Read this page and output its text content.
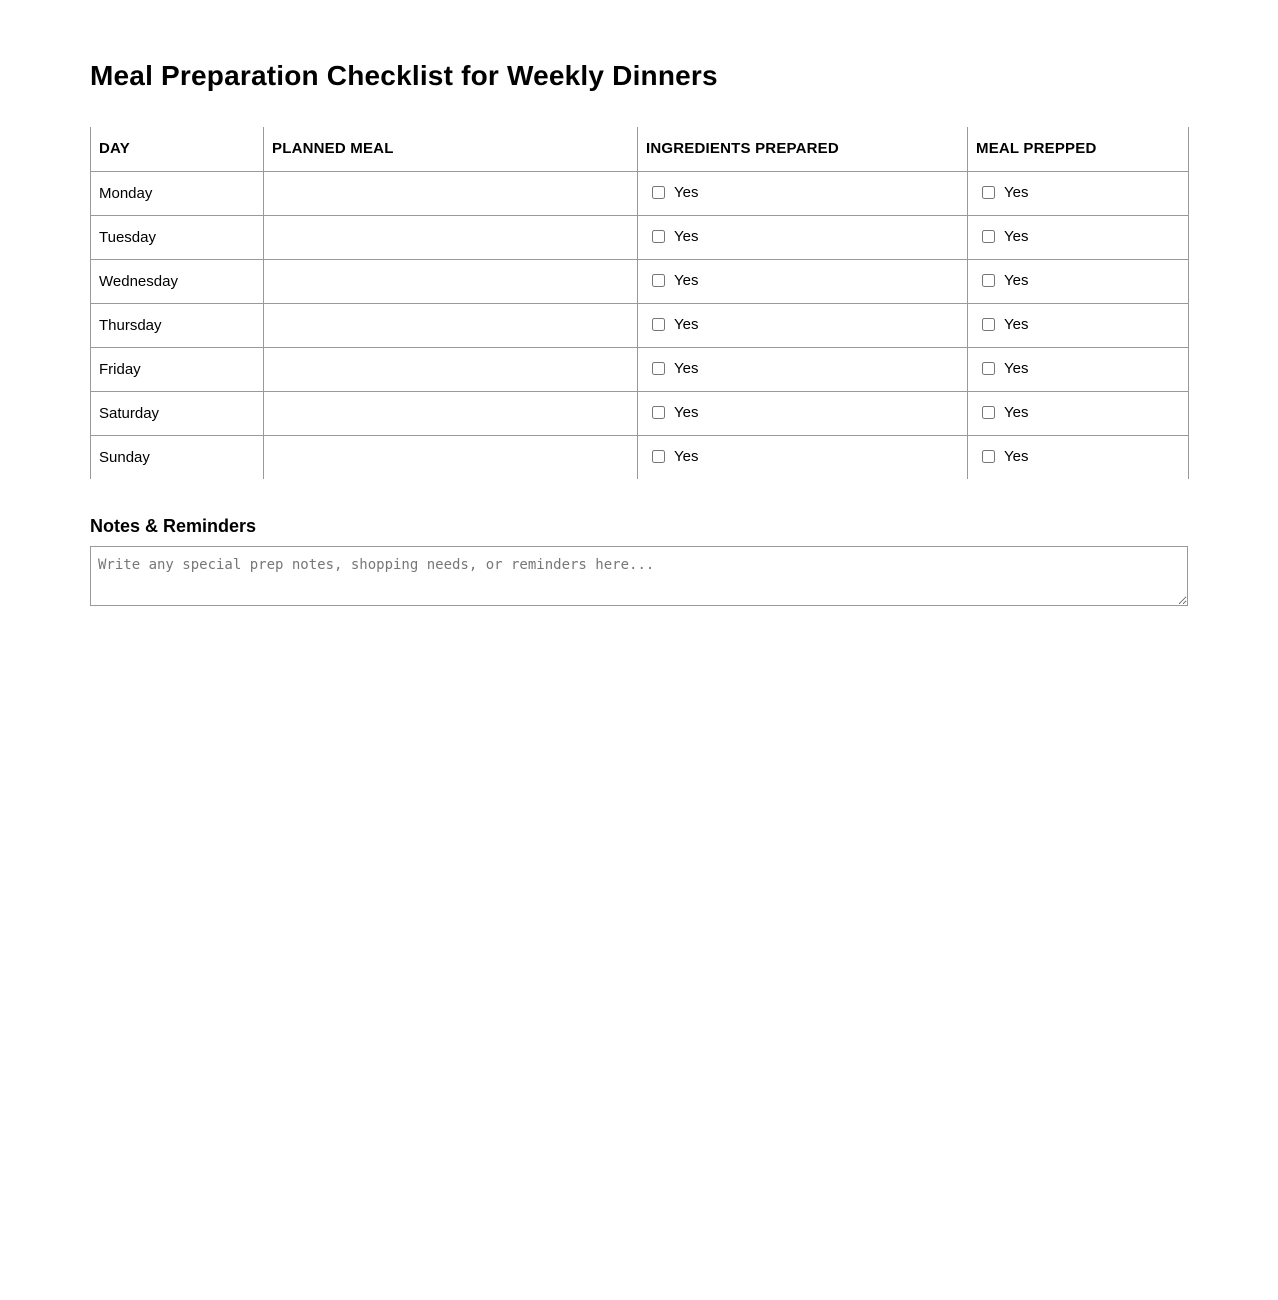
Meal Preparation Checklist for Weekly Dinners
DAY	PLANNED MEAL	INGREDIENTS PREPARED	MEAL PREPPED
Monday		Yes	Yes

Tuesday		Yes	Yes

Wednesday		Yes	Yes

Thursday		Yes	Yes

Friday		Yes	Yes

Saturday		Yes	Yes

Sunday		Yes	Yes
Notes & Reminders
Write any special prep notes, shopping needs, or reminders here...
